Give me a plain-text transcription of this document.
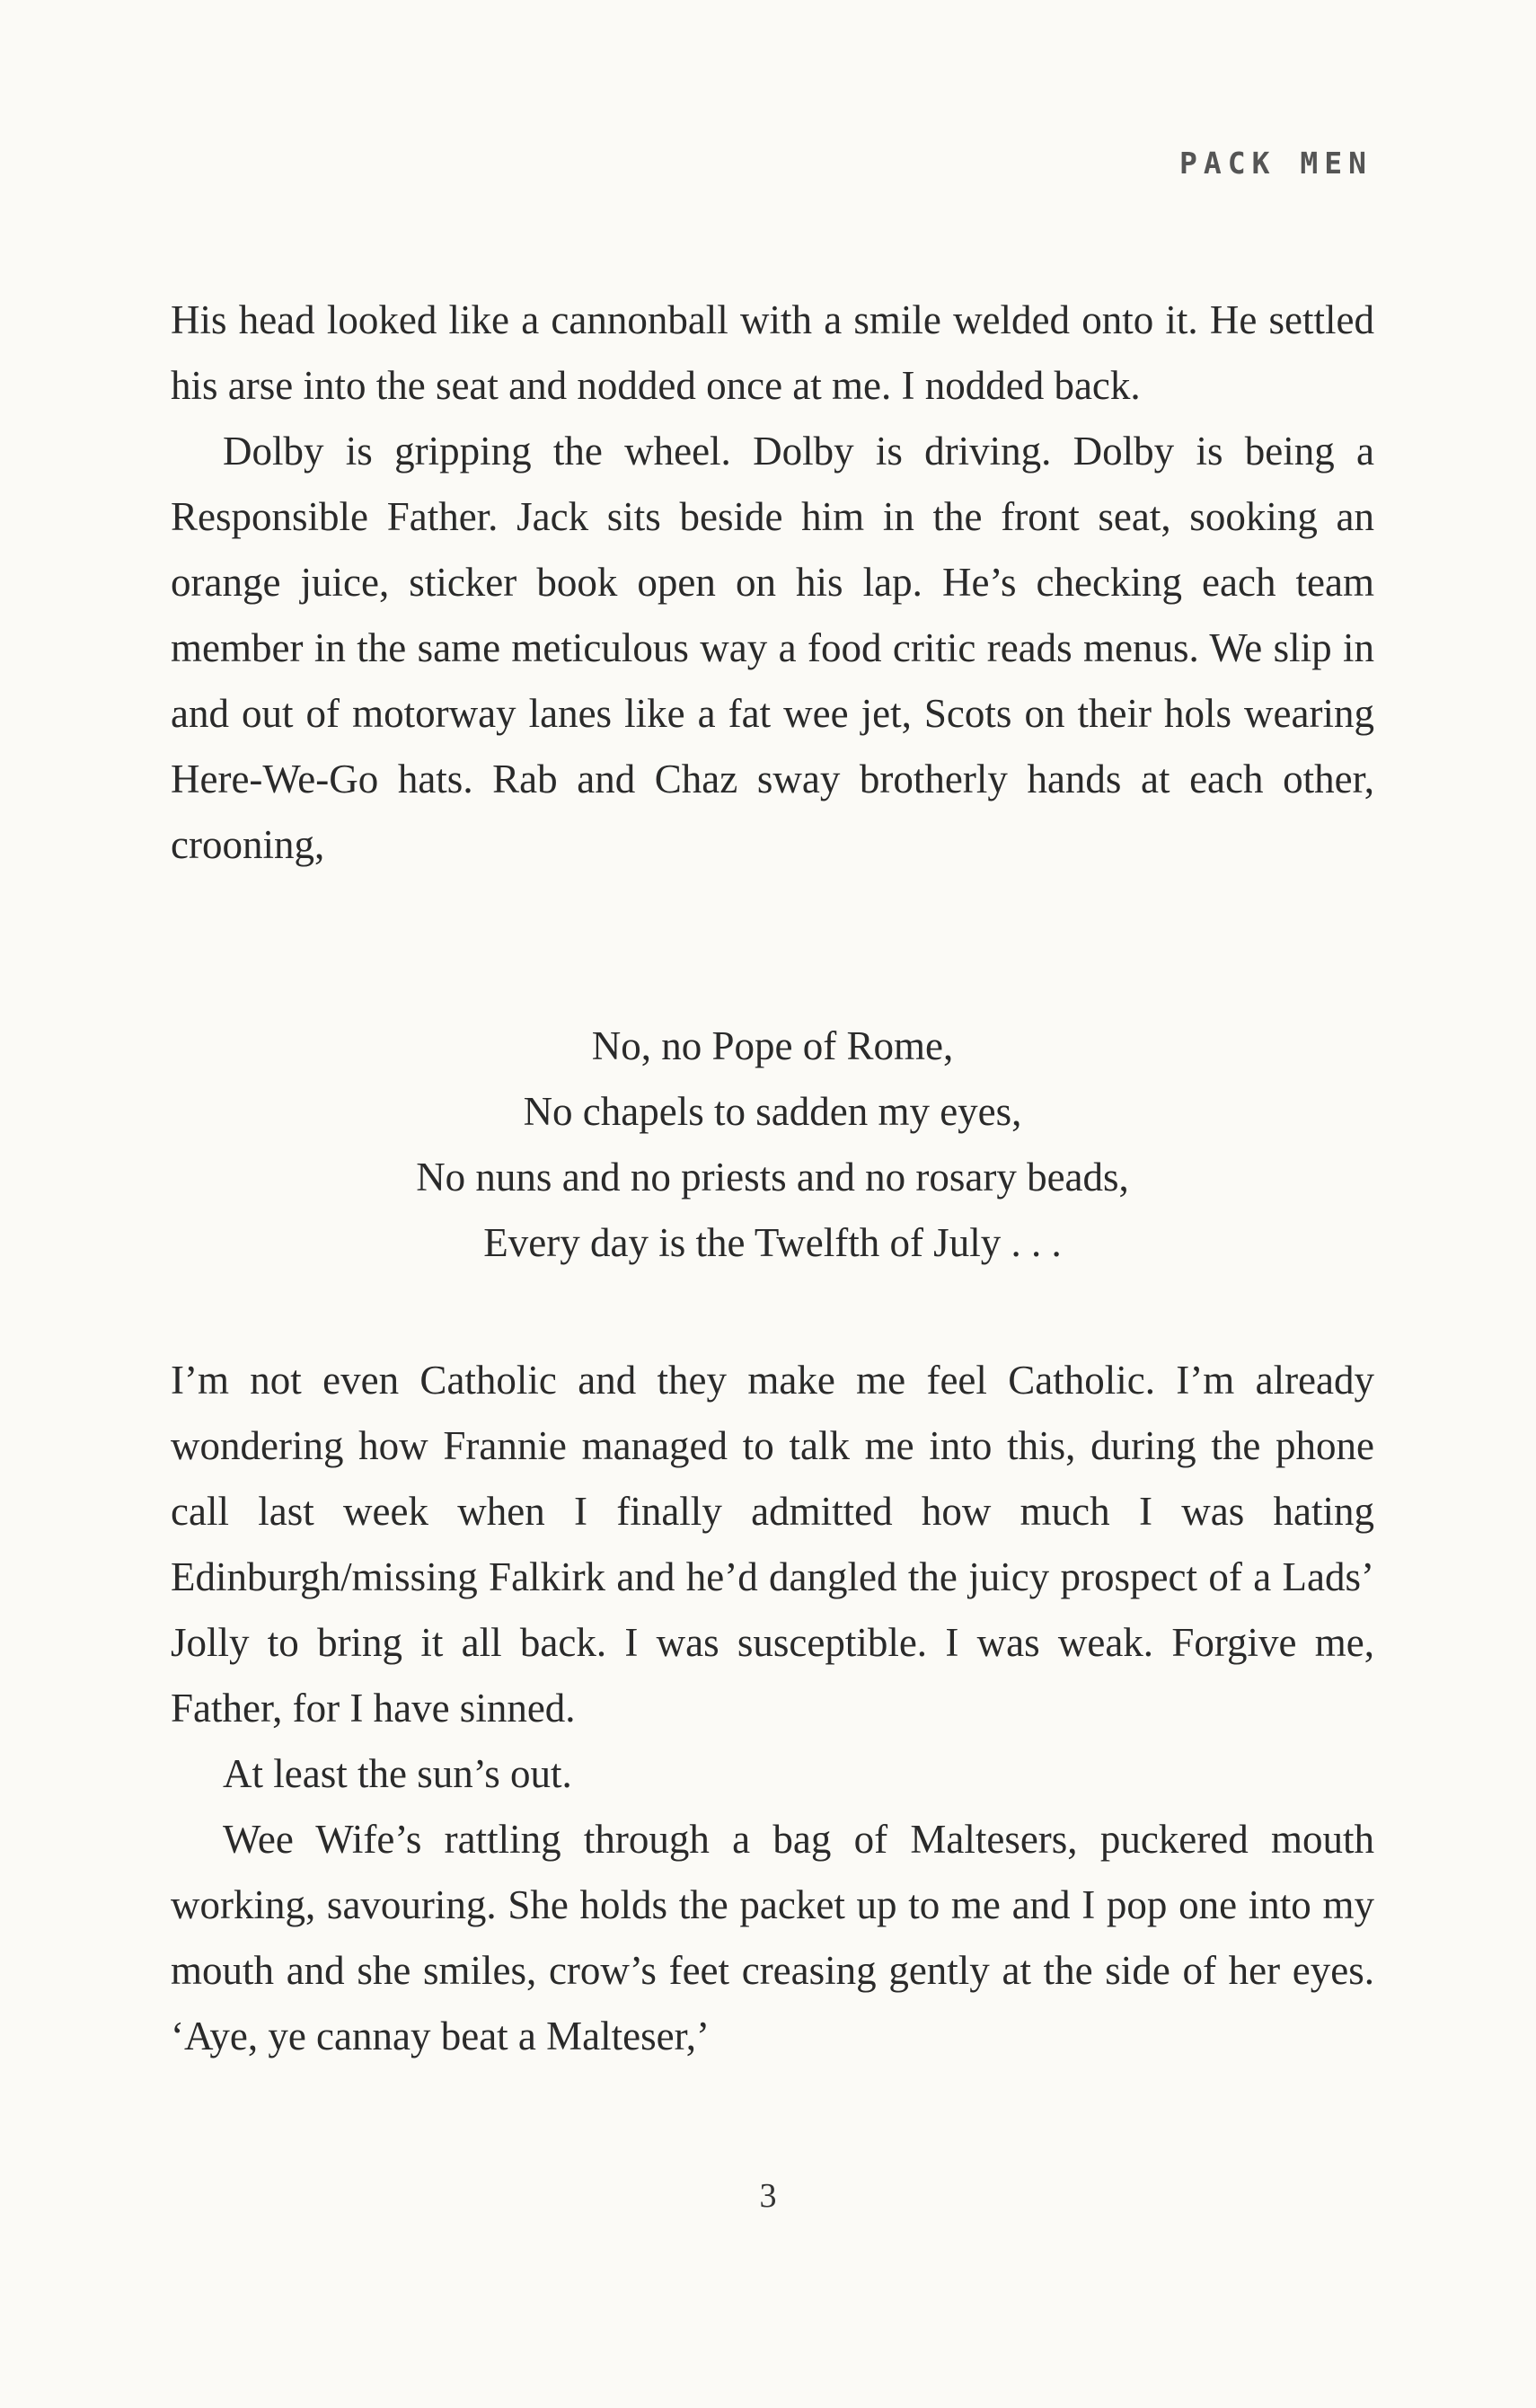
PACK MEN

His head looked like a cannonball with a smile welded onto it. He settled his arse into the seat and nodded once at me. I nodded back.

Dolby is gripping the wheel. Dolby is driving. Dolby is being a Responsible Father. Jack sits beside him in the front seat, sooking an orange juice, sticker book open on his lap. He’s checking each team member in the same meticulous way a food critic reads menus. We slip in and out of motorway lanes like a fat wee jet, Scots on their hols wearing Here-We-Go hats. Rab and Chaz sway brotherly hands at each other, crooning,

No, no Pope of Rome,
No chapels to sadden my eyes,
No nuns and no priests and no rosary beads,
Every day is the Twelfth of July . . .

I’m not even Catholic and they make me feel Catholic. I’m already wondering how Frannie managed to talk me into this, during the phone call last week when I finally admitted how much I was hating Edinburgh/missing Falkirk and he’d dangled the juicy prospect of a Lads’ Jolly to bring it all back. I was susceptible. I was weak. Forgive me, Father, for I have sinned.

At least the sun’s out.

Wee Wife’s rattling through a bag of Maltesers, puckered mouth working, savouring. She holds the packet up to me and I pop one into my mouth and she smiles, crow’s feet creasing gently at the side of her eyes. ‘Aye, ye cannay beat a Malteser,’

3
